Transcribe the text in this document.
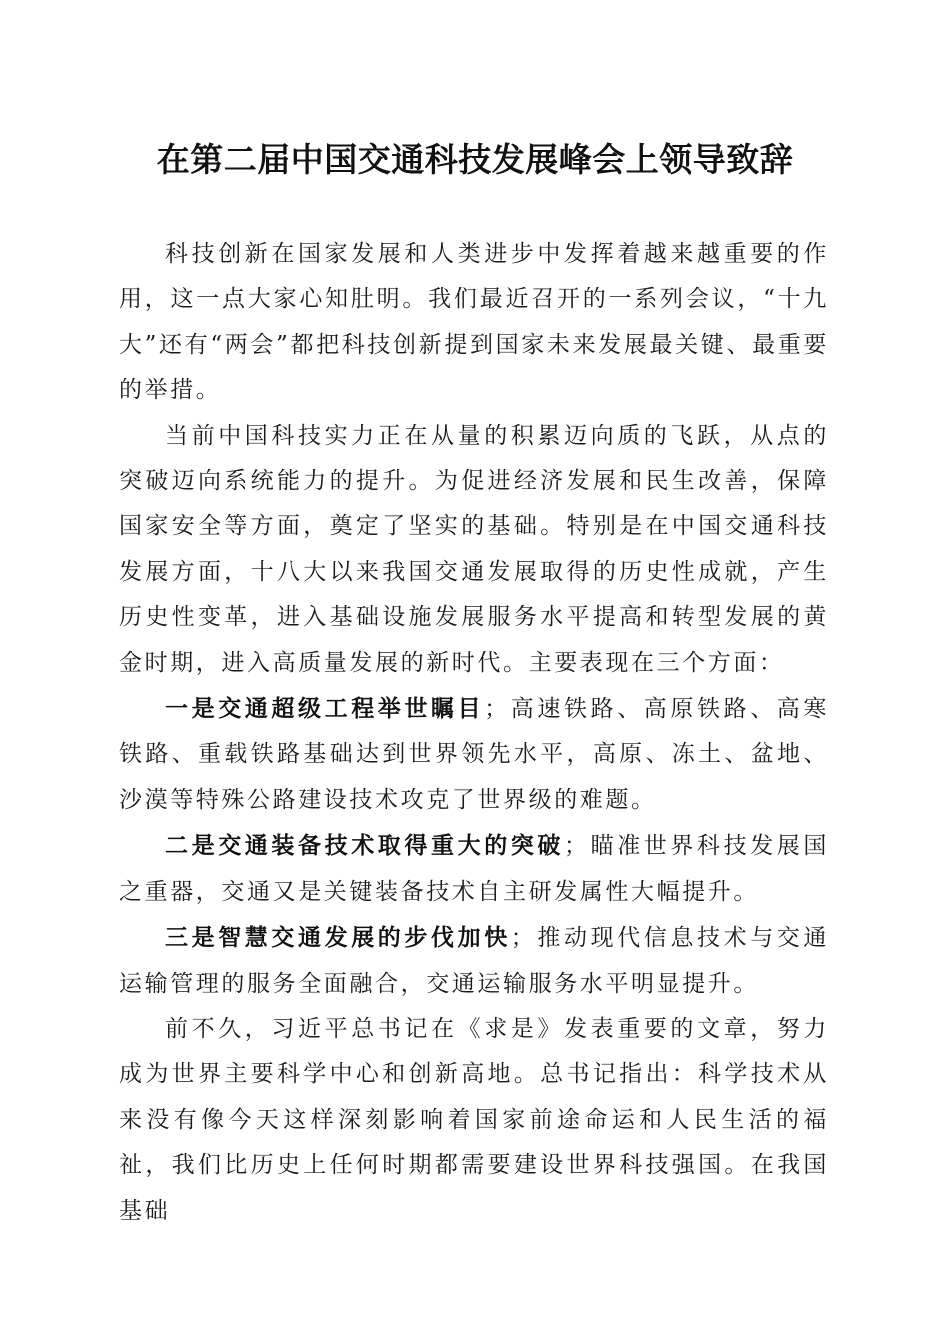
在第二届中国交通科技发展峰会上领导致辞

科技创新在国家发展和人类进步中发挥着越来越重要的作用，这一点大家心知肚明。我们最近召开的一系列会议，“十九大”还有“两会”都把科技创新提到国家未来发展最关键、最重要的举措。

当前中国科技实力正在从量的积累迈向质的飞跃，从点的突破迈向系统能力的提升。为促进经济发展和民生改善，保障国家安全等方面，奠定了坚实的基础。特别是在中国交通科技发展方面，十八大以来我国交通发展取得的历史性成就，产生历史性变革，进入基础设施发展服务水平提高和转型发展的黄金时期，进入高质量发展的新时代。主要表现在三个方面：

一是交通超级工程举世瞩目；高速铁路、高原铁路、高寒铁路、重载铁路基础达到世界领先水平，高原、冻土、盆地、沙漠等特殊公路建设技术攻克了世界级的难题。

二是交通装备技术取得重大的突破；瞄准世界科技发展国之重器，交通又是关键装备技术自主研发属性大幅提升。

三是智慧交通发展的步伐加快；推动现代信息技术与交通运输管理的服务全面融合，交通运输服务水平明显提升。

前不久，习近平总书记在《求是》发表重要的文章，努力成为世界主要科学中心和创新高地。总书记指出：科学技术从来没有像今天这样深刻影响着国家前途命运和人民生活的福祉，我们比历史上任何时期都需要建设世界科技强国。在我国基础
